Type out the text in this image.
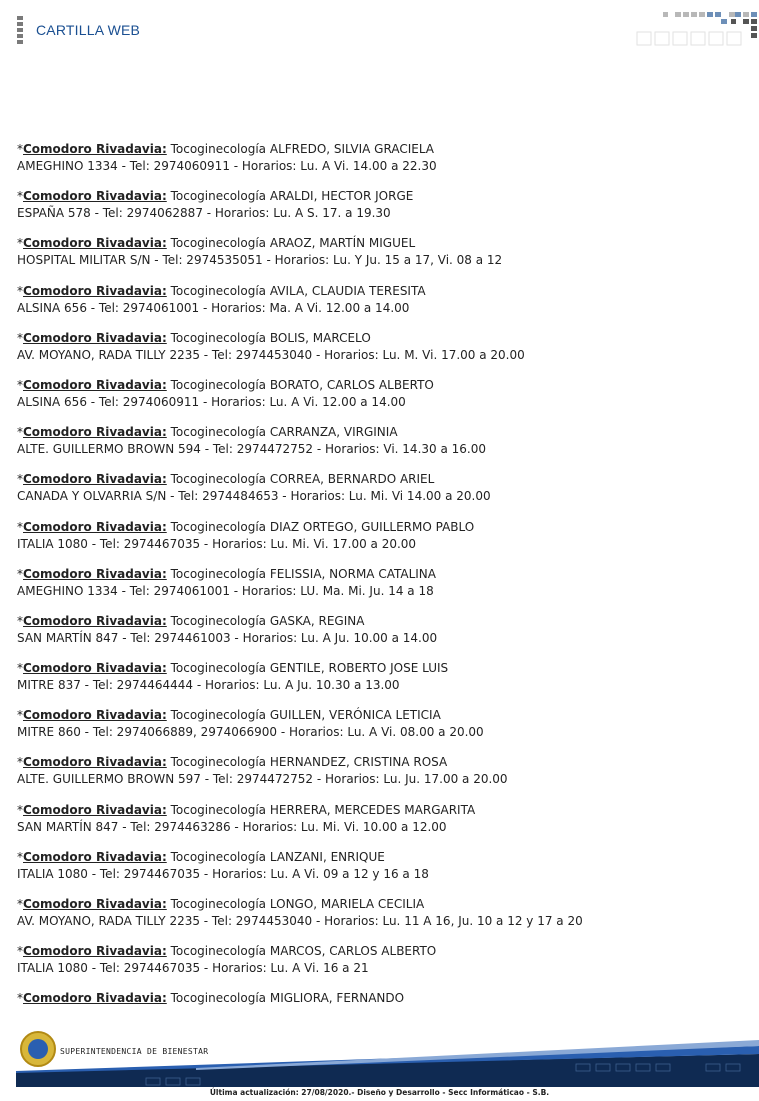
CARTILLA WEB
*Comodoro Rivadavia: Tocoginecología ALFREDO, SILVIA GRACIELA
AMEGHINO 1334 - Tel: 2974060911 - Horarios: Lu. A Vi. 14.00 a 22.30
*Comodoro Rivadavia: Tocoginecología ARALDI, HECTOR JORGE
ESPAÑA 578 - Tel: 2974062887 - Horarios: Lu. A S. 17. a 19.30
*Comodoro Rivadavia: Tocoginecología ARAOZ, MARTÍN MIGUEL
HOSPITAL MILITAR S/N - Tel: 2974535051 - Horarios: Lu. Y Ju. 15 a 17, Vi. 08 a 12
*Comodoro Rivadavia: Tocoginecología AVILA, CLAUDIA TERESITA
ALSINA 656 - Tel: 2974061001 - Horarios: Ma. A Vi. 12.00 a 14.00
*Comodoro Rivadavia: Tocoginecología BOLIS, MARCELO
AV. MOYANO, RADA TILLY 2235 - Tel: 2974453040 - Horarios: Lu. M. Vi. 17.00 a 20.00
*Comodoro Rivadavia: Tocoginecología BORATO, CARLOS ALBERTO
ALSINA 656 - Tel: 2974060911 - Horarios: Lu. A Vi. 12.00 a 14.00
*Comodoro Rivadavia: Tocoginecología CARRANZA, VIRGINIA
ALTE. GUILLERMO BROWN 594 - Tel: 2974472752 - Horarios: Vi. 14.30 a 16.00
*Comodoro Rivadavia: Tocoginecología CORREA, BERNARDO ARIEL
CANADA Y OLVARRIA S/N - Tel: 2974484653 - Horarios: Lu. Mi. Vi 14.00 a 20.00
*Comodoro Rivadavia: Tocoginecología DIAZ ORTEGO, GUILLERMO PABLO
ITALIA 1080 - Tel: 2974467035 - Horarios: Lu. Mi. Vi. 17.00 a 20.00
*Comodoro Rivadavia: Tocoginecología FELISSIA, NORMA CATALINA
AMEGHINO 1334 - Tel: 2974061001 - Horarios: LU. Ma. Mi. Ju. 14 a 18
*Comodoro Rivadavia: Tocoginecología GASKA, REGINA
SAN MARTÍN 847 - Tel: 2974461003 - Horarios: Lu. A Ju. 10.00 a 14.00
*Comodoro Rivadavia: Tocoginecología GENTILE, ROBERTO JOSE LUIS
MITRE 837 - Tel: 2974464444 - Horarios: Lu. A Ju. 10.30 a 13.00
*Comodoro Rivadavia: Tocoginecología GUILLEN, VERÓNICA LETICIA
MITRE 860 - Tel: 2974066889, 2974066900 - Horarios: Lu. A Vi. 08.00 a 20.00
*Comodoro Rivadavia: Tocoginecología HERNANDEZ, CRISTINA ROSA
ALTE. GUILLERMO BROWN 597 - Tel: 2974472752 - Horarios: Lu. Ju. 17.00 a 20.00
*Comodoro Rivadavia: Tocoginecología HERRERA, MERCEDES MARGARITA
SAN MARTÍN 847 - Tel: 2974463286 - Horarios: Lu. Mi. Vi. 10.00 a 12.00
*Comodoro Rivadavia: Tocoginecología LANZANI, ENRIQUE
ITALIA 1080 - Tel: 2974467035 - Horarios: Lu. A Vi. 09 a 12 y 16 a 18
*Comodoro Rivadavia: Tocoginecología LONGO, MARIELA CECILIA
AV. MOYANO, RADA TILLY 2235 - Tel: 2974453040 - Horarios: Lu. 11 A 16, Ju. 10 a 12 y 17 a 20
*Comodoro Rivadavia: Tocoginecología MARCOS, CARLOS ALBERTO
ITALIA 1080 - Tel: 2974467035 - Horarios: Lu. A Vi. 16 a 21
*Comodoro Rivadavia: Tocoginecología MIGLIORA, FERNANDO
SUPERINTENDENCIA DE BIENESTAR
Última actualización: 27/08/2020.- Diseño y Desarrollo - Secc Informáticao - S.B.
